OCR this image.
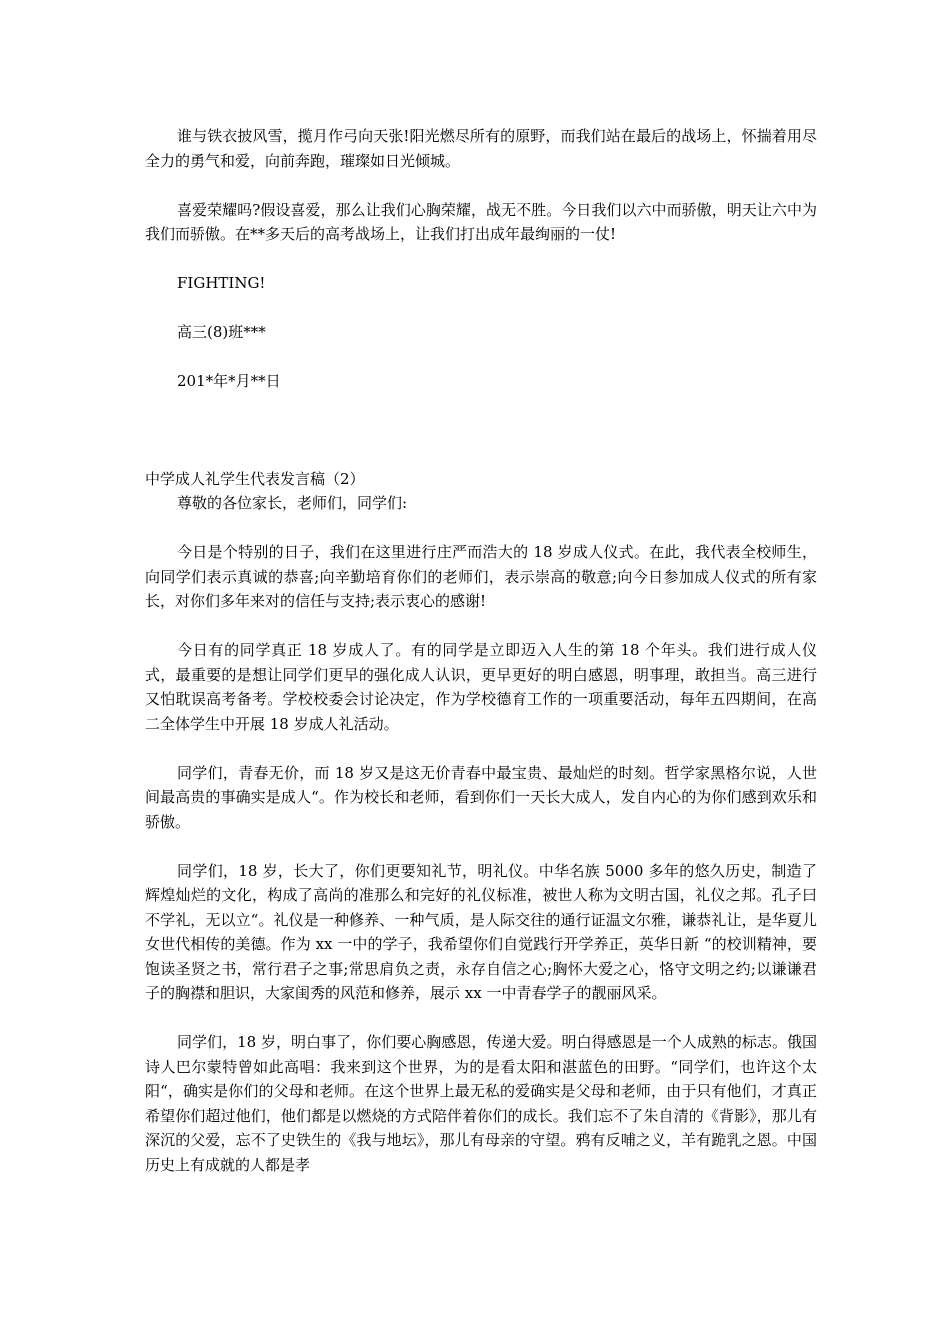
谁与铁衣披风雪，揽月作弓向天张!阳光燃尽所有的原野，而我们站在最后的战场上，怀揣着用尽全力的勇气和爱，向前奔跑，璀璨如日光倾城。

喜爱荣耀吗?假设喜爱，那么让我们心胸荣耀，战无不胜。今日我们以六中而骄傲，明天让六中为我们而骄傲。在**多天后的高考战场上，让我们打出成年最绚丽的一仗!

FIGHTING!

高三(8)班***

201*年*月**日

中学成人礼学生代表发言稿（2）

尊敬的各位家长，老师们，同学们:

今日是个特别的日子，我们在这里进行庄严而浩大的 18 岁成人仪式。在此，我代表全校师生，向同学们表示真诚的恭喜;向辛勤培育你们的老师们，表示崇高的敬意;向今日参加成人仪式的所有家长，对你们多年来对的信任与支持;表示衷心的感谢!

今日有的同学真正 18 岁成人了。有的同学是立即迈入人生的第 18 个年头。我们进行成人仪式，最重要的是想让同学们更早的强化成人认识，更早更好的明白感恩，明事理，敢担当。高三进行又怕耽误高考备考。学校校委会讨论决定，作为学校德育工作的一项重要活动，每年五四期间，在高二全体学生中开展 18 岁成人礼活动。

同学们，青春无价，而 18 岁又是这无价青春中最宝贵、最灿烂的时刻。哲学家黑格尔说，人世间最高贵的事确实是成人“。作为校长和老师，看到你们一天长大成人，发自内心的为你们感到欢乐和骄傲。

同学们，18 岁，长大了，你们更要知礼节，明礼仪。中华名族 5000 多年的悠久历史，制造了辉煌灿烂的文化，构成了高尚的准那么和完好的礼仪标准，被世人称为文明古国，礼仪之邦。孔子曰不学礼，无以立“。礼仪是一种修养、一种气质，是人际交往的通行证温文尔雅，谦恭礼让，是华夏儿女世代相传的美德。作为 xx 一中的学子，我希望你们自觉践行开学养正，英华日新 “的校训精神，要饱读圣贤之书，常行君子之事;常思肩负之责，永存自信之心;胸怀大爱之心，恪守文明之约;以谦谦君子的胸襟和胆识，大家闺秀的风范和修养，展示 xx 一中青春学子的靓丽风采。

同学们，18 岁，明白事了，你们要心胸感恩，传递大爱。明白得感恩是一个人成熟的标志。俄国诗人巴尔蒙特曾如此高唱：我来到这个世界，为的是看太阳和湛蓝色的田野。“同学们，也许这个太阳“，确实是你们的父母和老师。在这个世界上最无私的爱确实是父母和老师，由于只有他们，才真正希望你们超过他们，他们都是以燃烧的方式陪伴着你们的成长。我们忘不了朱自清的《背影》，那儿有深沉的父爱，忘不了史铁生的《我与地坛》，那儿有母亲的守望。鸦有反哺之义，羊有跪乳之恩。中国历史上有成就的人都是孝
